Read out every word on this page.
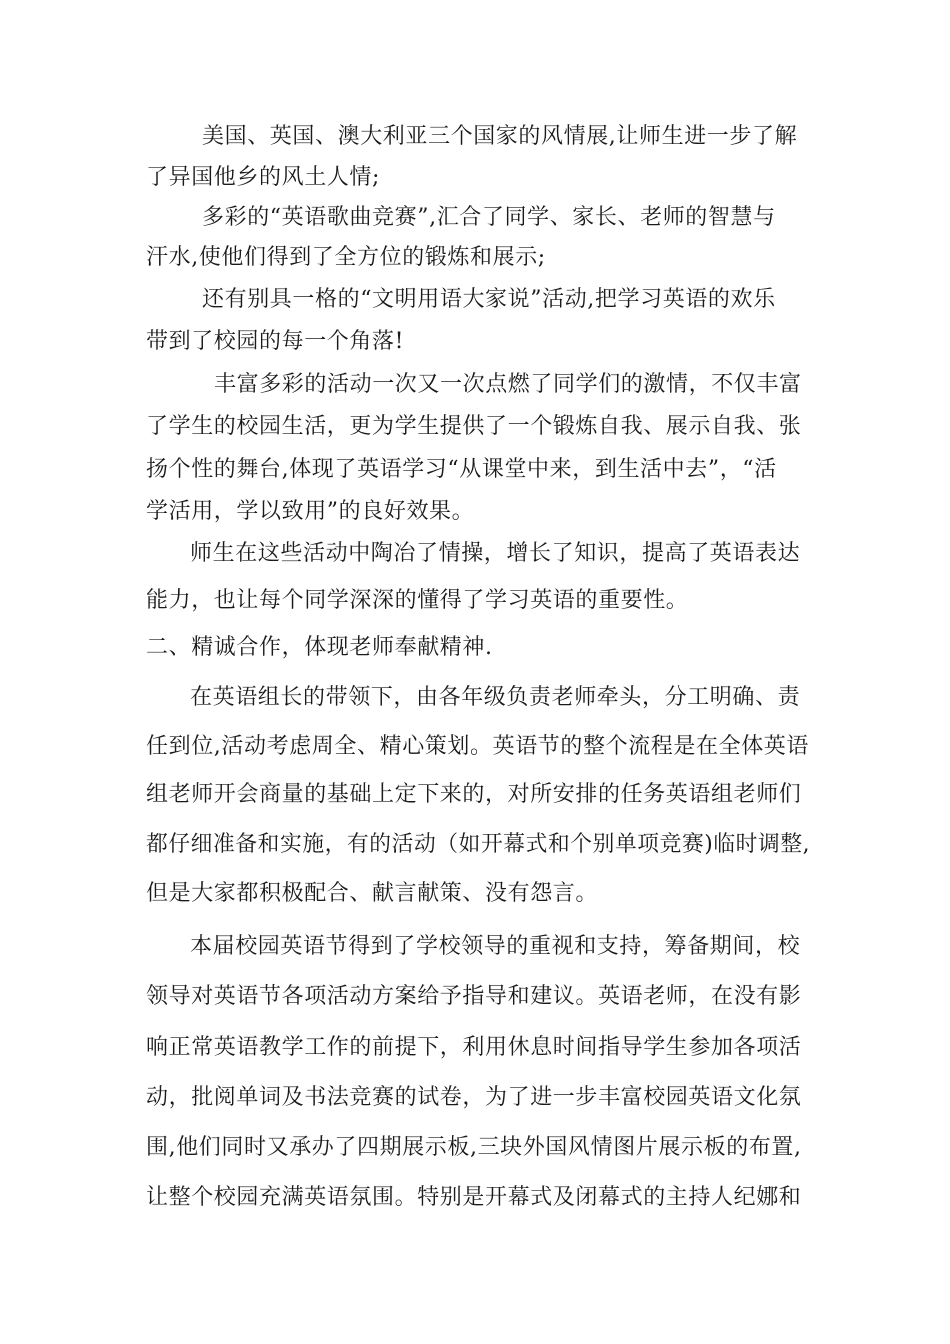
美国、英国、澳大利亚三个国家的风情展,让师生进一步了解
了异国他乡的风土人情;
多彩的“英语歌曲竞赛”,汇合了同学、家长、老师的智慧与
汗水,使他们得到了全方位的锻炼和展示;
还有别具一格的“文明用语大家说”活动,把学习英语的欢乐
带到了校园的每一个角落!
丰富多彩的活动一次又一次点燃了同学们的激情，不仅丰富
了学生的校园生活，更为学生提供了一个锻炼自我、展示自我、张
扬个性的舞台,体现了英语学习“从课堂中来，到生活中去”，“活
学活用，学以致用”的良好效果。
师生在这些活动中陶冶了情操，增长了知识，提高了英语表达
能力，也让每个同学深深的懂得了学习英语的重要性。
二、精诚合作，体现老师奉献精神.
在英语组长的带领下，由各年级负责老师牵头，分工明确、责
任到位,活动考虑周全、精心策划。英语节的整个流程是在全体英语
组老师开会商量的基础上定下来的，对所安排的任务英语组老师们
都仔细准备和实施，有的活动（如开幕式和个别单项竞赛)临时调整,
但是大家都积极配合、献言献策、没有怨言。
本届校园英语节得到了学校领导的重视和支持，筹备期间，校
领导对英语节各项活动方案给予指导和建议。英语老师，在没有影
响正常英语教学工作的前提下，利用休息时间指导学生参加各项活
动，批阅单词及书法竞赛的试卷，为了进一步丰富校园英语文化氛
围,他们同时又承办了四期展示板,三块外国风情图片展示板的布置,
让整个校园充满英语氛围。特别是开幕式及闭幕式的主持人纪娜和
